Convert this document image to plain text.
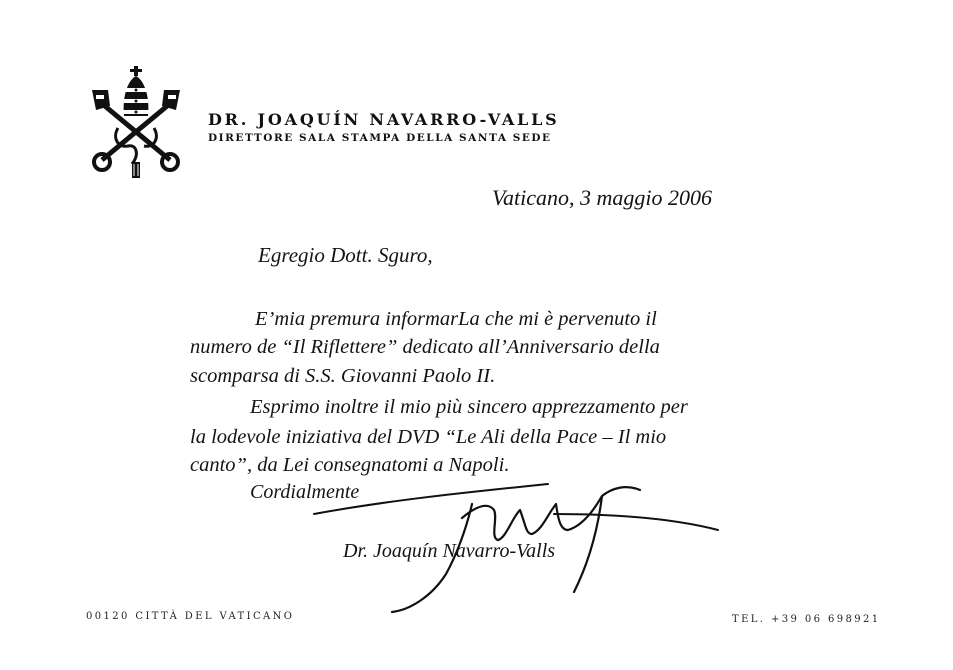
DR. JOAQUÍN NAVARRO-VALLS
DIRETTORE SALA STAMPA DELLA SANTA SEDE
Vaticano, 3 maggio 2006
Egregio Dott. Sguro,
E’mia premura informarLa che mi è pervenuto il
numero de “Il Riflettere” dedicato all’Anniversario della
scomparsa di S.S. Giovanni Paolo II.
Esprimo inoltre il mio più sincero apprezzamento per
la lodevole iniziativa del DVD “Le Ali della Pace – Il mio
canto”, da Lei consegnatomi a Napoli.
Cordialmente
Dr. Joaquín Navarro-Valls
00120 CITTÀ DEL VATICANO	TEL. +39 06 698921
